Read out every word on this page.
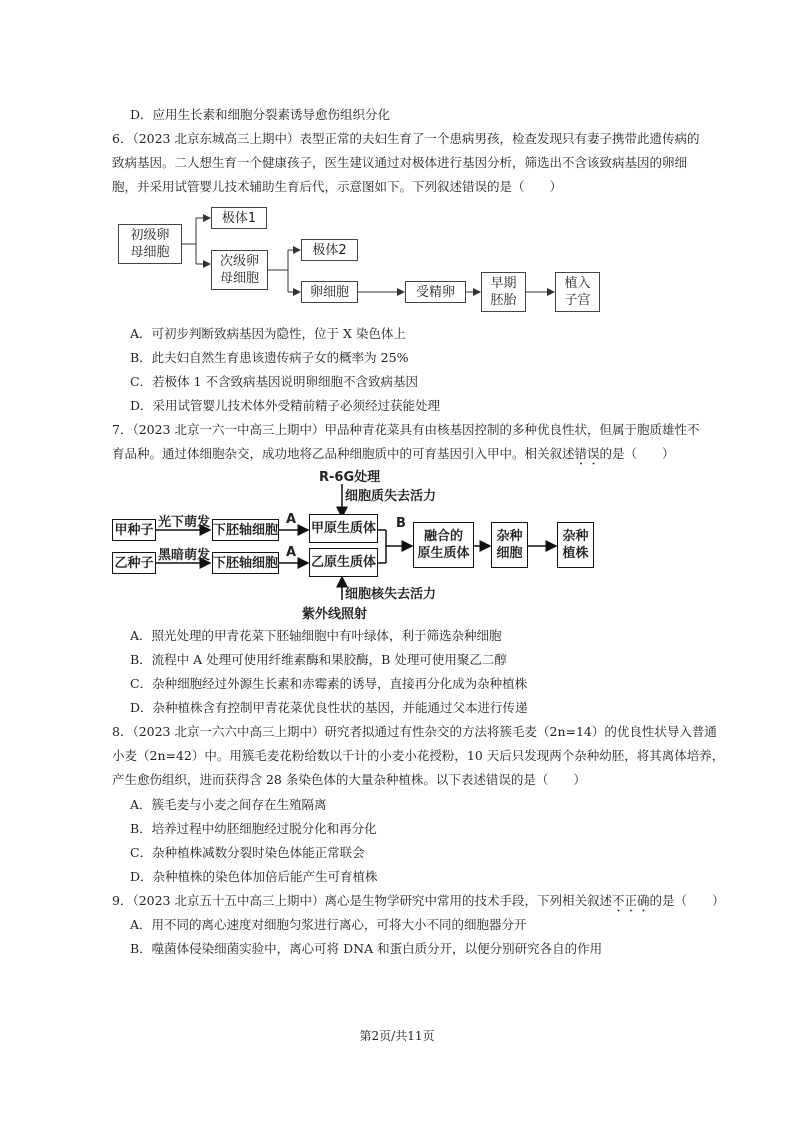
D．应用生长素和细胞分裂素诱导愈伤组织分化
6．（2023 北京东城高三上期中）表型正常的夫妇生育了一个患病男孩，检查发现只有妻子携带此遗传病的
致病基因。二人想生育一个健康孩子，医生建议通过对极体进行基因分析，筛选出不含该致病基因的卵细
胞，并采用试管婴儿技术辅助生育后代，示意图如下。下列叙述错误的是（　　）
初级卵
母细胞
极体1
次级卵
母细胞
极体2
卵细胞	受精卵
早期
胚胎
植入
子宫
A．可初步判断致病基因为隐性，位于 X 染色体上
B．此夫妇自然生育患该遗传病子女的概率为 25%
C．若极体 1 不含致病基因说明卵细胞不含致病基因
D．采用试管婴儿技术体外受精前精子必须经过获能处理
7．（2023 北京一六一中高三上期中）甲品种青花菜具有由核基因控制的多种优良性状，但属于胞质雄性不
育品种。通过体细胞杂交，成功地将乙品种细胞质中的可育基因引入甲中。相关叙述错误的是（　　）
R-6G处理
细胞质失去活力
甲种子 光下萌发 下胚轴细胞
A
甲原生质体
乙种子 黑暗萌发 下胚轴细胞
A
乙原生质体
B
融合的
原生质体
杂种
细胞
杂种
植株
细胞核失去活力
紫外线照射
A．照光处理的甲青花菜下胚轴细胞中有叶绿体，利于筛选杂种细胞
B．流程中 A 处理可使用纤维素酶和果胶酶，B 处理可使用聚乙二醇
C．杂种细胞经过外源生长素和赤霉素的诱导，直接再分化成为杂种植株
D．杂种植株含有控制甲青花菜优良性状的基因，并能通过父本进行传递
8．（2023 北京一六六中高三上期中）研究者拟通过有性杂交的方法将簇毛麦（2n=14）的优良性状导入普通
小麦（2n=42）中。用簇毛麦花粉给数以千计的小麦小花授粉，10 天后只发现两个杂种幼胚，将其离体培养，
产生愈伤组织，进而获得含 28 条染色体的大量杂种植株。以下表述错误的是（　　）
A．簇毛麦与小麦之间存在生殖隔离
B．培养过程中幼胚细胞经过脱分化和再分化
C．杂种植株减数分裂时染色体能正常联会
D．杂种植株的染色体加倍后能产生可育植株
9．（2023 北京五十五中高三上期中）离心是生物学研究中常用的技术手段，下列相关叙述不正确的是（　　）
A．用不同的离心速度对细胞匀浆进行离心，可将大小不同的细胞器分开
B．噬菌体侵染细菌实验中，离心可将 DNA 和蛋白质分开，以便分别研究各自的作用
第2页/共11页
